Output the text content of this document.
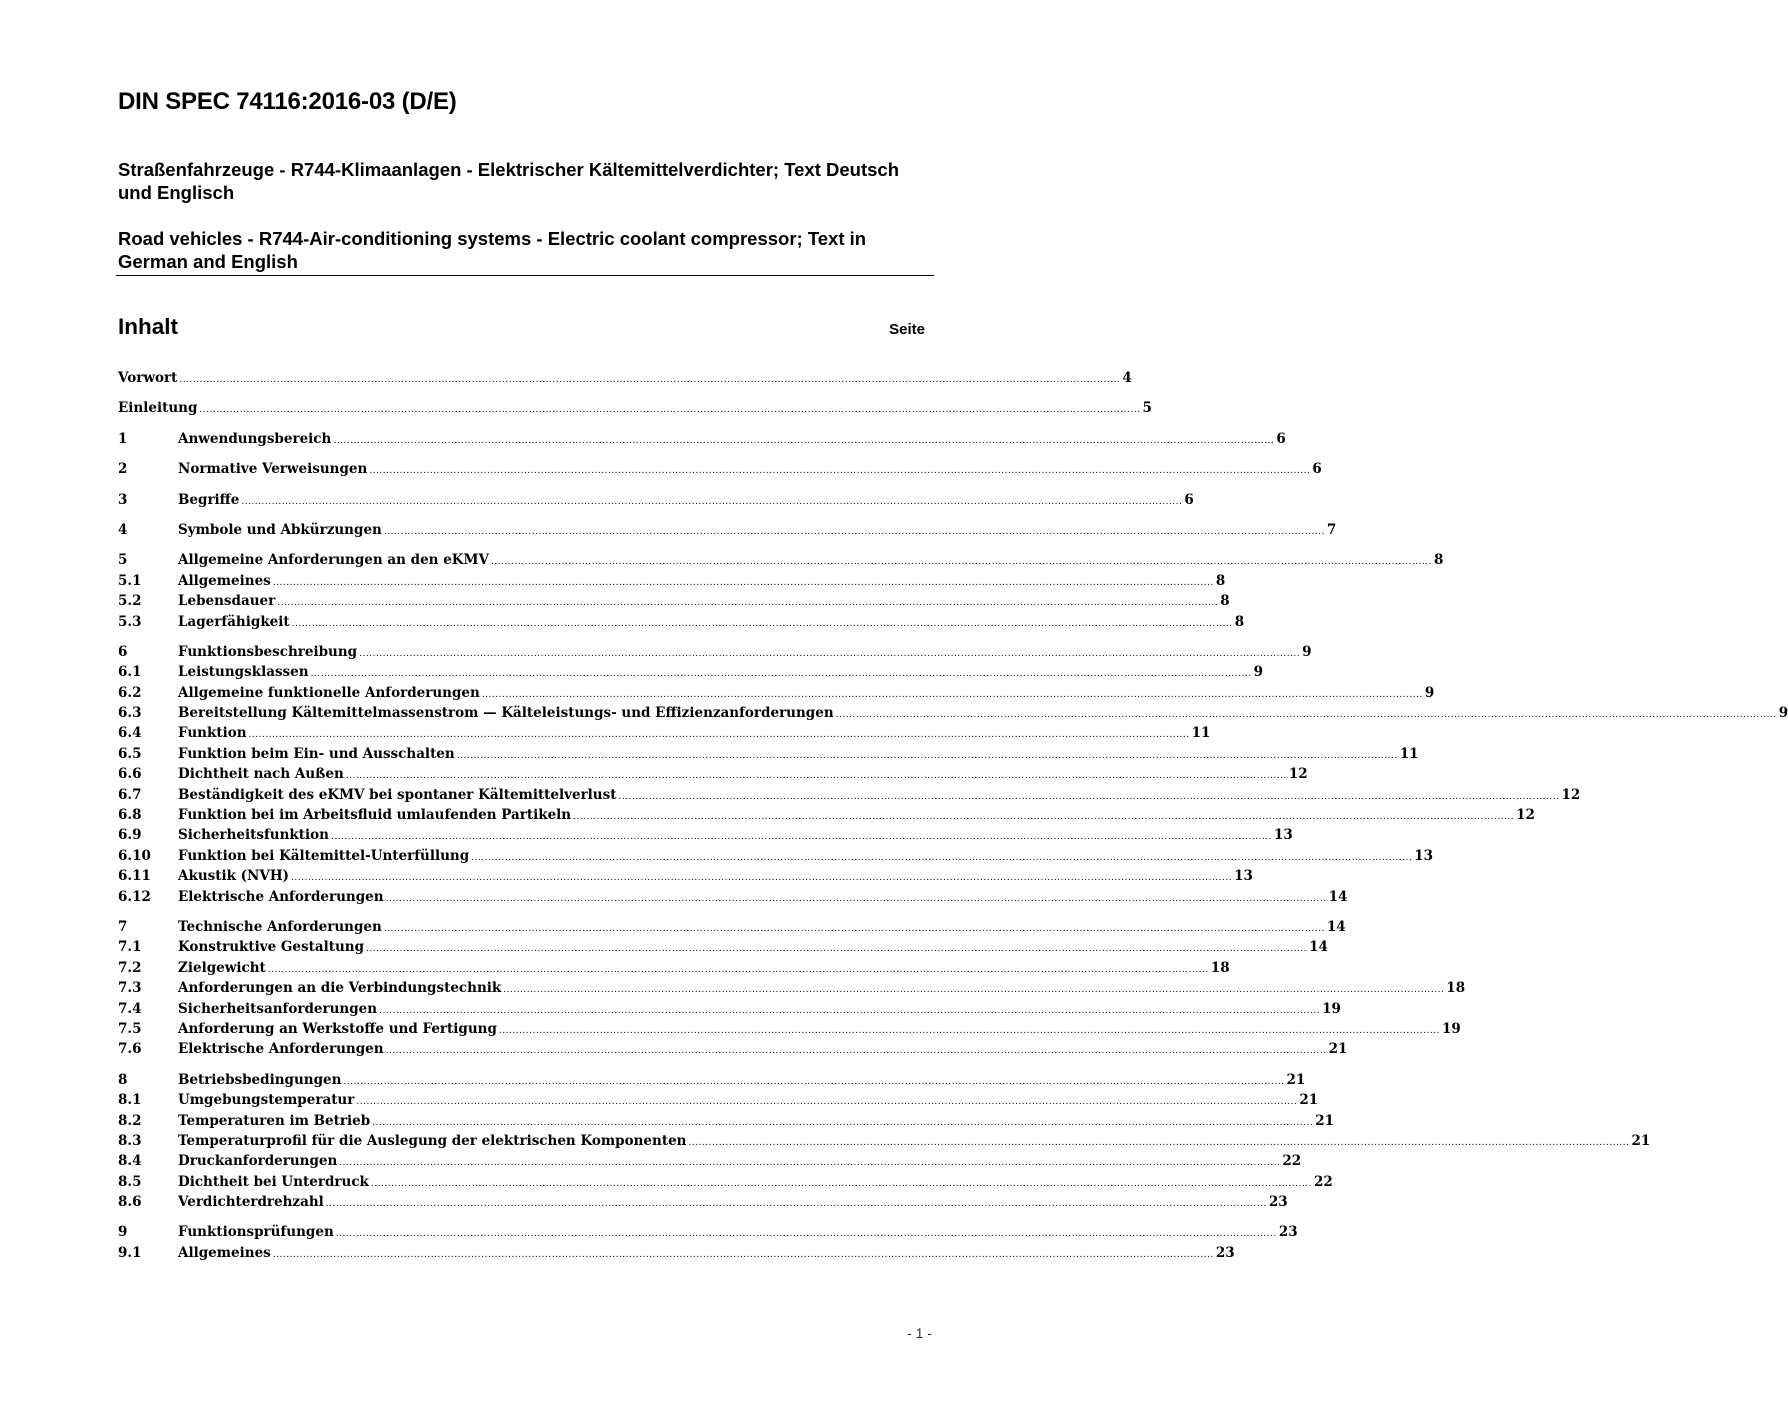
DIN SPEC 74116:2016-03 (D/E)

Straßenfahrzeuge - R744-Klimaanlagen - Elektrischer Kältemittelverdichter; Text Deutsch und Englisch

Road vehicles - R744-Air-conditioning systems - Electric coolant compressor; Text in German and English

Inhalt	Seite
Vorwort .....	4
Einleitung .....	5
1	Anwendungsbereich .....	6
2	Normative Verweisungen .....	6
3	Begriffe .....	6
4	Symbole und Abkürzungen .....	7
5	Allgemeine Anforderungen an den eKMV .....	8
5.1	Allgemeines .....	8
5.2	Lebensdauer .....	8
5.3	Lagerfähigkeit .....	8
6	Funktionsbeschreibung .....	9
6.1	Leistungsklassen .....	9
6.2	Allgemeine funktionelle Anforderungen .....	9
6.3	Bereitstellung Kältemittelmassenstrom — Kälteleistungs- und Effizienzanforderungen .....	9
6.4	Funktion .....	11
6.5	Funktion beim Ein- und Ausschalten .....	11
6.6	Dichtheit nach Außen .....	12
6.7	Beständigkeit des eKMV bei spontaner Kältemittelverlust .....	12
6.8	Funktion bei im Arbeitsfluid umlaufenden Partikeln .....	12
6.9	Sicherheitsfunktion .....	13
6.10	Funktion bei Kältemittel-Unterfüllung .....	13
6.11	Akustik (NVH) .....	13
6.12	Elektrische Anforderungen .....	14
7	Technische Anforderungen .....	14
7.1	Konstruktive Gestaltung .....	14
7.2	Zielgewicht .....	18
7.3	Anforderungen an die Verbindungstechnik .....	18
7.4	Sicherheitsanforderungen .....	19
7.5	Anforderung an Werkstoffe und Fertigung .....	19
7.6	Elektrische Anforderungen .....	21
8	Betriebsbedingungen .....	21
8.1	Umgebungstemperatur .....	21
8.2	Temperaturen im Betrieb .....	21
8.3	Temperaturprofil für die Auslegung der elektrischen Komponenten .....	21
8.4	Druckanforderungen .....	22
8.5	Dichtheit bei Unterdruck .....	22
8.6	Verdichterdrehzahl .....	23
9	Funktionsprüfungen .....	23
9.1	Allgemeines .....	23
- 1 -
